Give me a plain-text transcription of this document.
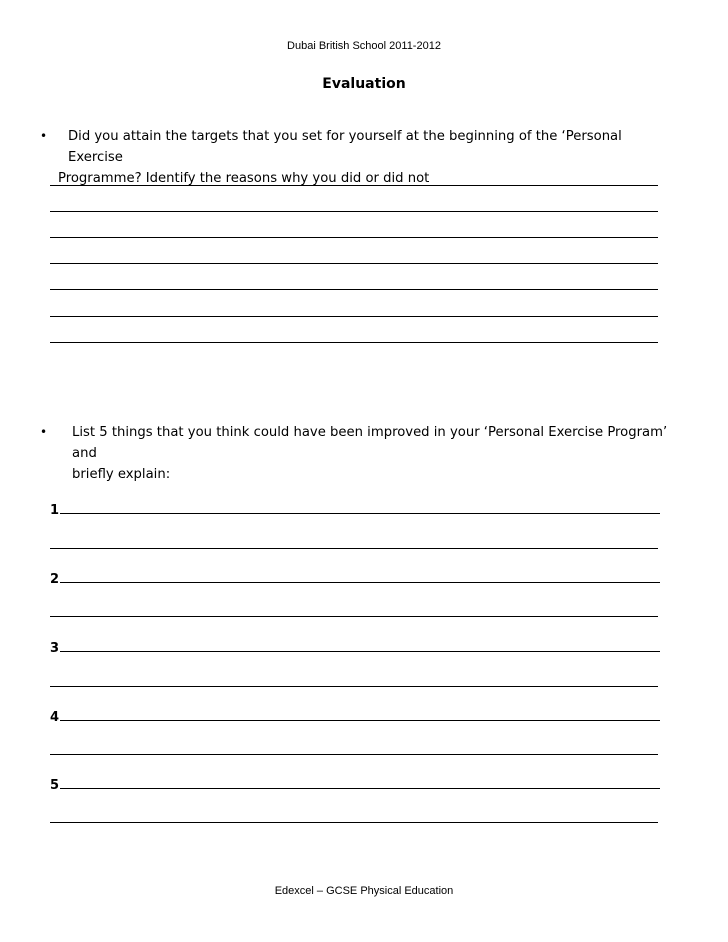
Dubai British School 2011-2012
Evaluation
• Did you attain the targets that you set for yourself at the beginning of the ‘Personal Exercise
Programme? Identify the reasons why you did or did not
• List 5 things that you think could have been improved in your ‘Personal Exercise Program’ and
briefly explain:
1
2
3
4
5
Edexcel – GCSE Physical Education
